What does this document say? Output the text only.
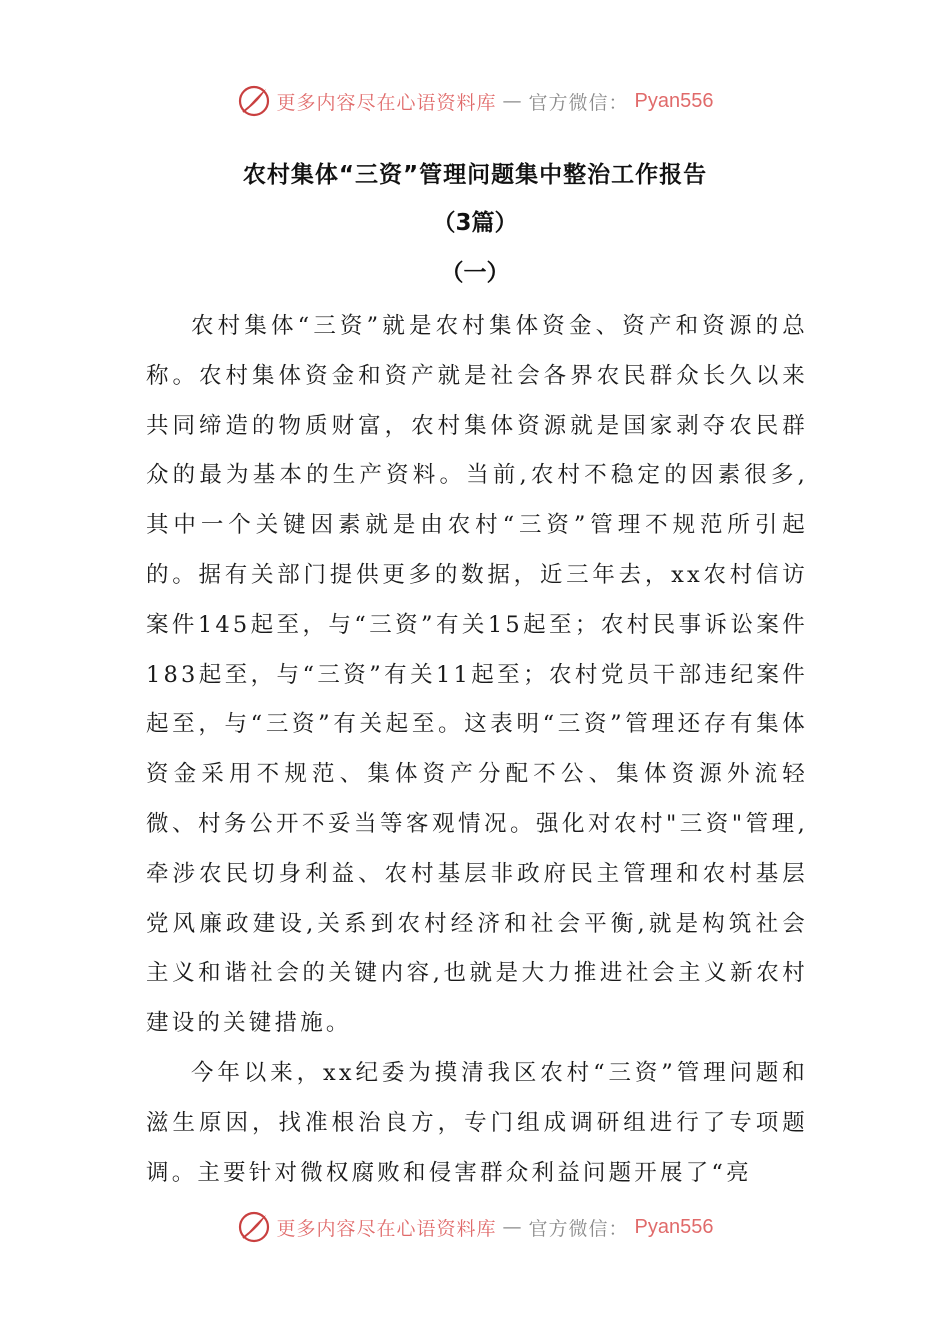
更多内容尽在心语资料库 — 官方微信： Pyan556
农村集体“三资”管理问题集中整治工作报告
（3篇）
（一）

农村集体“三资”就是农村集体资金、资产和资源的总称。农村集体资金和资产就是社会各界农民群众长久以来共同缔造的物质财富，农村集体资源就是国家剥夺农民群众的最为基本的生产资料。当前,农村不稳定的因素很多,其中一个关键因素就是由农村“三资”管理不规范所引起的。据有关部门提供更多的数据，近三年去，xx农村信访案件145起至，与“三资”有关15起至；农村民事诉讼案件183起至，与“三资”有关11起至；农村党员干部违纪案件起至，与“三资”有关起至。这表明“三资”管理还存有集体资金采用不规范、集体资产分配不公、集体资源外流轻微、村务公开不妥当等客观情况。强化对农村"三资"管理,牵涉农民切身利益、农村基层非政府民主管理和农村基层党风廉政建设,关系到农村经济和社会平衡,就是构筑社会主义和谐社会的关键内容,也就是大力推进社会主义新农村建设的关键措施。

今年以来，xx纪委为摸清我区农村“三资”管理问题和滋生原因，找准根治良方，专门组成调研组进行了专项题调。主要针对微权腐败和侵害群众利益问题开展了“亮

更多内容尽在心语资料库 — 官方微信： Pyan556
